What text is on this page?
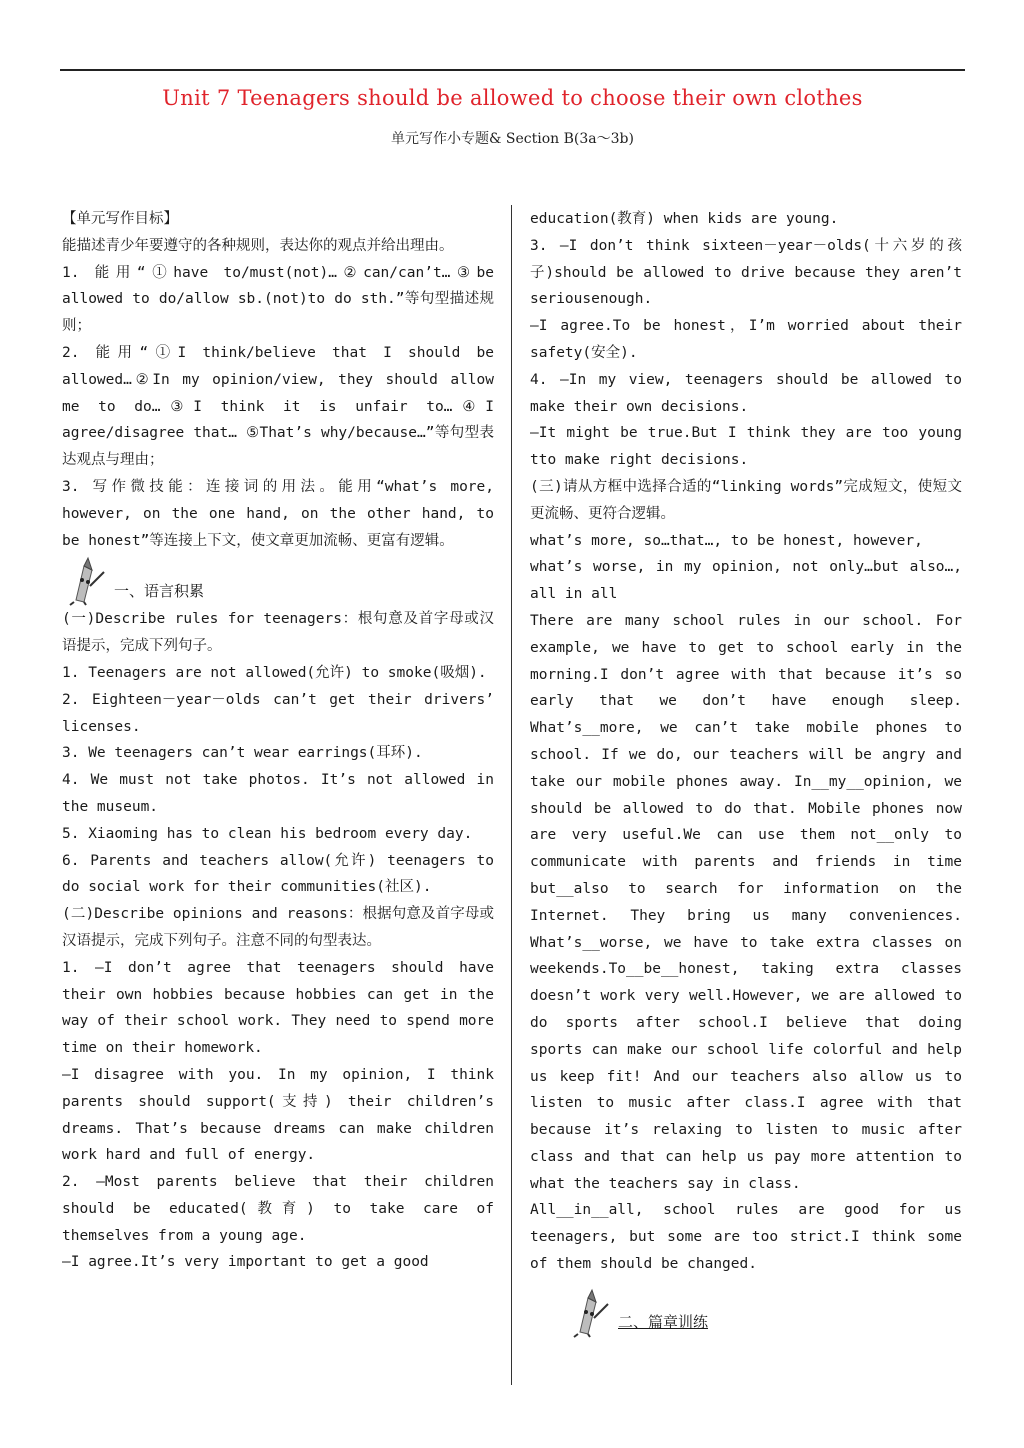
Unit 7 Teenagers should be allowed to choose their own clothes
单元写作小专题& Section B(3a～3b)

【单元写作目标】

能描述青少年要遵守的各种规则，表达你的观点并给出理由。

1. 能用“①have to/must(not)…②can/can’t…③be allowed to do/allow sb.(not)to do sth.”等句型描述规则；

2. 能用“①I think/believe that I should be allowed…②In my opinion/view, they should allow me to do…③I think it is unfair to…④I agree/disagree that… ⑤That’s why/because…”等句型表达观点与理由；

3. 写作微技能：连接词的用法。能用“what’s more, however, on the one hand, on the other hand, to be honest”等连接上下文，使文章更加流畅、更富有逻辑。

一、语言积累

(一)Describe rules for teenagers：根句意及首字母或汉语提示，完成下列句子。

1. Teenagers are not allowed(允许) to smoke(吸烟).

2. Eighteen－year－olds can’t get their drivers’ licenses.

3. We teenagers can’t wear earrings(耳环).

4. We must not take photos. It’s not allowed in the museum.

5. Xiaoming has to clean his bedroom every day.

6. Parents and teachers allow(允许) teenagers to do social work for their communities(社区).

(二)Describe opinions and reasons：根据句意及首字母或汉语提示，完成下列句子。注意不同的句型表达。

1. —I don’t agree that teenagers should have their own hobbies because hobbies can get in the way of their school work. They need to spend more time on their homework.

—I disagree with you. In my opinion, I think parents should support(支持) their children’s dreams. That’s because dreams can make children work hard and full of energy.

2. —Most parents believe that their children should be educated(教育) to take care of themselves from a young age.

—I agree.It’s very important to get a good

education(教育) when kids are young.

3. —I don’t think sixteen－year－olds(十六岁的孩子)should be allowed to drive because they aren’t seriousenough.

—I agree.To be honest，I’m worried about their safety(安全).

4. —In my view, teenagers should be allowed to make their own decisions.

—It might be true.But I think they are too young tto make right decisions.

(三)请从方框中选择合适的“linking words”完成短文，使短文更流畅、更符合逻辑。

what’s more, so…that…, to be honest, however,

what’s worse, in my opinion, not only…but also…, all in all

There are many school rules in our school. For example, we have to get to school early in the morning.I don’t agree with that because it’s so early that we don’t have enough sleep. What’s__more, we can’t take mobile phones to school. If we do, our teachers will be angry and take our mobile phones away. In__my__opinion, we should be allowed to do that. Mobile phones now are very useful.We can use them not__only to communicate with parents and friends in time but__also to search for information on the Internet. They bring us many conveniences. What’s__worse, we have to take extra classes on weekends.To__be__honest, taking extra classes doesn’t work very well.However, we are allowed to do sports after school.I believe that doing sports can make our school life colorful and help us keep fit! And our teachers also allow us to listen to music after class.I agree with that because it’s relaxing to listen to music after class and that can help us pay more attention to what the teachers say in class.

All__in__all, school rules are good for us teenagers, but some are too strict.I think some of them should be changed.

二、篇章训练
